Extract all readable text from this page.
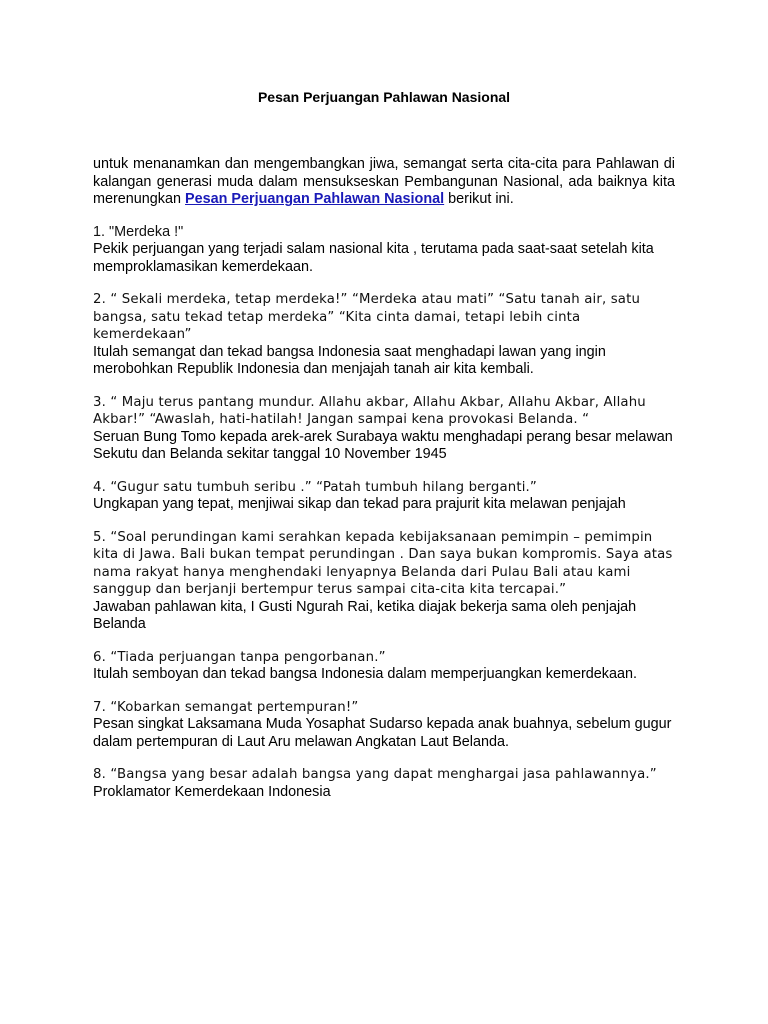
Pesan Perjuangan Pahlawan Nasional

untuk menanamkan dan mengembangkan jiwa, semangat serta cita-cita para Pahlawan di kalangan generasi muda dalam mensukseskan Pembangunan Nasional, ada baiknya kita merenungkan Pesan Perjuangan Pahlawan Nasional berikut ini.

1. "Merdeka !"
Pekik perjuangan yang terjadi salam nasional kita , terutama pada saat-saat setelah kita memproklamasikan kemerdekaan.
2. “ Sekali merdeka, tetap merdeka!” “Merdeka atau mati” “Satu tanah air, satu bangsa, satu tekad tetap merdeka” “Kita cinta damai, tetapi lebih cinta kemerdekaan”
Itulah semangat dan tekad bangsa Indonesia saat menghadapi lawan yang ingin merobohkan Republik Indonesia dan menjajah tanah air kita kembali.
3. “ Maju terus pantang mundur. Allahu akbar, Allahu Akbar, Allahu Akbar, Allahu Akbar!” “Awaslah, hati-hatilah! Jangan sampai kena provokasi Belanda. “
Seruan Bung Tomo kepada arek-arek Surabaya waktu menghadapi perang besar melawan Sekutu dan Belanda sekitar tanggal 10 November 1945
4. “Gugur satu tumbuh seribu .” “Patah tumbuh hilang berganti.”
Ungkapan yang tepat, menjiwai sikap dan tekad para prajurit kita melawan penjajah
5. “Soal perundingan kami serahkan kepada kebijaksanaan pemimpin – pemimpin kita di Jawa. Bali bukan tempat perundingan . Dan saya bukan kompromis. Saya atas nama rakyat hanya menghendaki lenyapnya Belanda dari Pulau Bali atau kami sanggup dan berjanji bertempur terus sampai cita-cita kita tercapai.”
Jawaban pahlawan kita, I Gusti Ngurah Rai, ketika diajak bekerja sama oleh penjajah Belanda
6. “Tiada perjuangan tanpa pengorbanan.”
Itulah semboyan dan tekad bangsa Indonesia dalam memperjuangkan kemerdekaan.
7. “Kobarkan semangat pertempuran!”
Pesan singkat Laksamana Muda Yosaphat Sudarso kepada anak buahnya, sebelum gugur dalam pertempuran di Laut Aru melawan Angkatan Laut Belanda.
8. “Bangsa yang besar adalah bangsa yang dapat menghargai jasa pahlawannya.”
Proklamator Kemerdekaan Indonesia
